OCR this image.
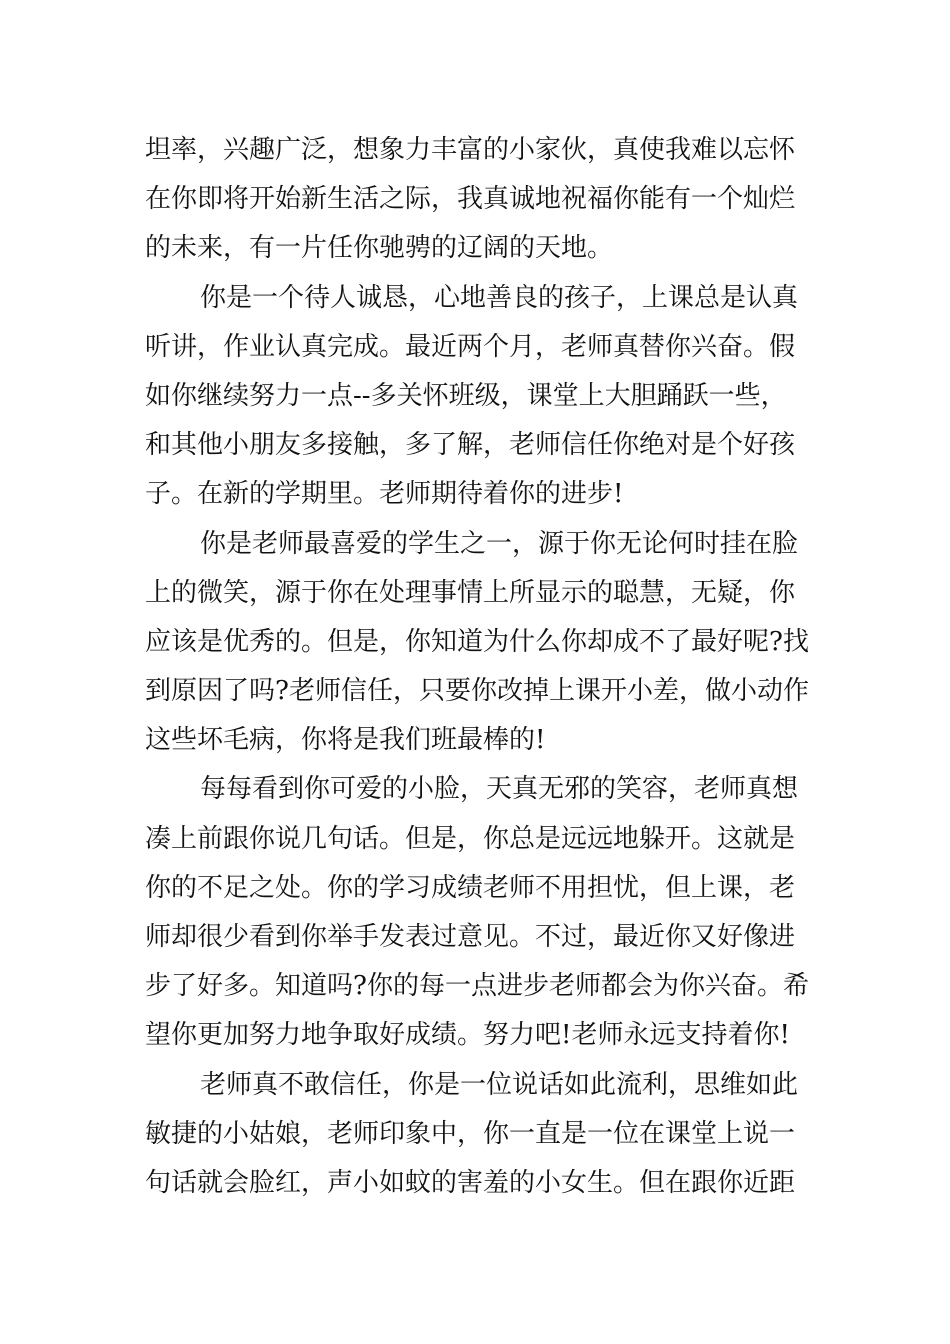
坦率，兴趣广泛，想象力丰富的小家伙，真使我难以忘怀
在你即将开始新生活之际，我真诚地祝福你能有一个灿烂
的未来，有一片任你驰骋的辽阔的天地。
你是一个待人诚恳，心地善良的孩子，上课总是认真
听讲，作业认真完成。最近两个月，老师真替你兴奋。假
如你继续努力一点--多关怀班级，课堂上大胆踊跃一些，
和其他小朋友多接触，多了解，老师信任你绝对是个好孩
子。在新的学期里。老师期待着你的进步!
你是老师最喜爱的学生之一，源于你无论何时挂在脸
上的微笑，源于你在处理事情上所显示的聪慧，无疑，你
应该是优秀的。但是，你知道为什么你却成不了最好呢?找
到原因了吗?老师信任，只要你改掉上课开小差，做小动作
这些坏毛病，你将是我们班最棒的!
每每看到你可爱的小脸，天真无邪的笑容，老师真想
凑上前跟你说几句话。但是，你总是远远地躲开。这就是
你的不足之处。你的学习成绩老师不用担忧，但上课，老
师却很少看到你举手发表过意见。不过，最近你又好像进
步了好多。知道吗?你的每一点进步老师都会为你兴奋。希
望你更加努力地争取好成绩。努力吧!老师永远支持着你!
老师真不敢信任，你是一位说话如此流利，思维如此
敏捷的小姑娘，老师印象中，你一直是一位在课堂上说一
句话就会脸红，声小如蚊的害羞的小女生。但在跟你近距
